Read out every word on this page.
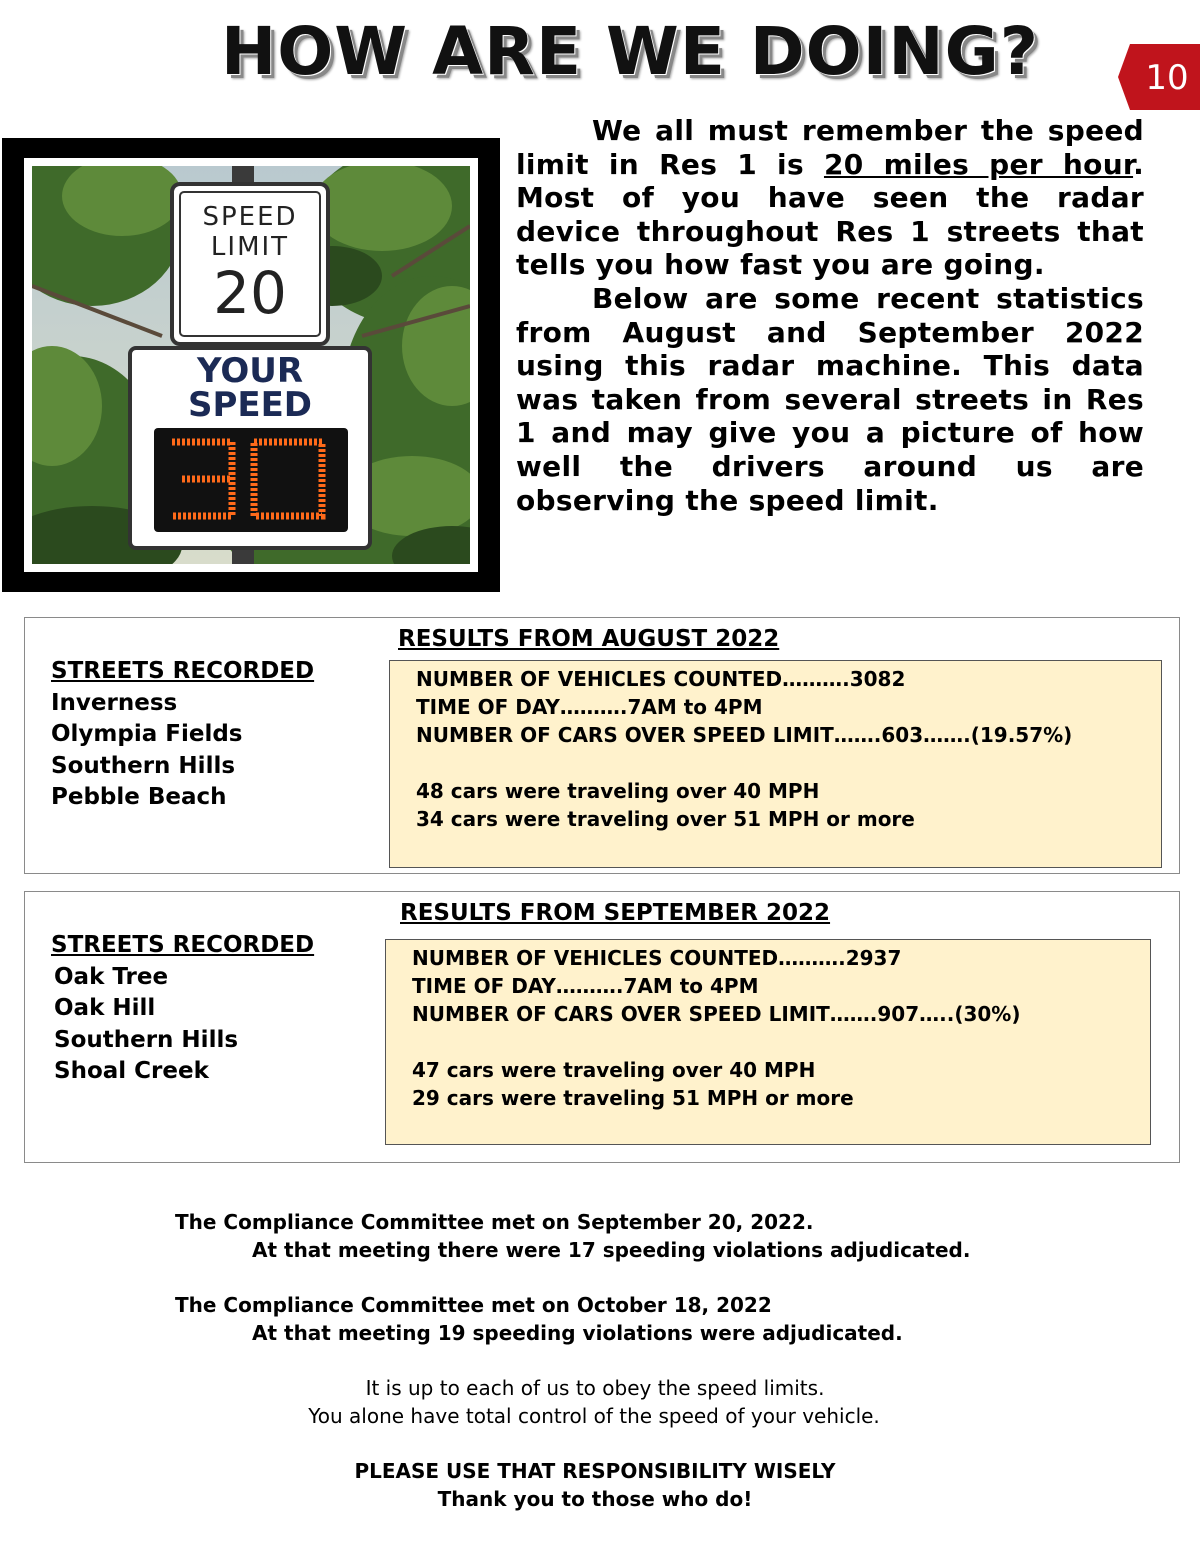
HOW ARE WE DOING?	10
SPEED
LIMIT
20
YOUR
SPEED

We all must remember the speed limit in Res 1 is 20 miles per hour. Most of you have seen the radar device throughout Res 1 streets that tells you how fast you are going.

Below are some recent statistics from August and September 2022 using this radar machine. This data was taken from several streets in Res 1 and may give you a picture of how well the drivers around us are observing the speed limit.

RESULTS FROM AUGUST 2022
STREETS RECORDED
Inverness
Olympia Fields
Southern Hills
Pebble Beach
NUMBER OF VEHICLES COUNTED……….3082
TIME OF DAY……….7AM to 4PM
NUMBER OF CARS OVER SPEED LIMIT…….603…….(19.57%)
48 cars were traveling over 40 MPH
34 cars were traveling over 51 MPH or more
RESULTS FROM SEPTEMBER 2022
STREETS RECORDED
Oak Tree
Oak Hill
Southern Hills
Shoal Creek
NUMBER OF VEHICLES COUNTED……….2937
TIME OF DAY……….7AM to 4PM
NUMBER OF CARS OVER SPEED LIMIT…….907…..(30%)
47 cars were traveling over 40 MPH
29 cars were traveling 51 MPH or more
The Compliance Committee met on September 20, 2022.
At that meeting there were 17 speeding violations adjudicated.
The Compliance Committee met on October 18, 2022
At that meeting 19 speeding violations were adjudicated.
It is up to each of us to obey the speed limits.
You alone have total control of the speed of your vehicle.
PLEASE USE THAT RESPONSIBILITY WISELY
Thank you to those who do!
